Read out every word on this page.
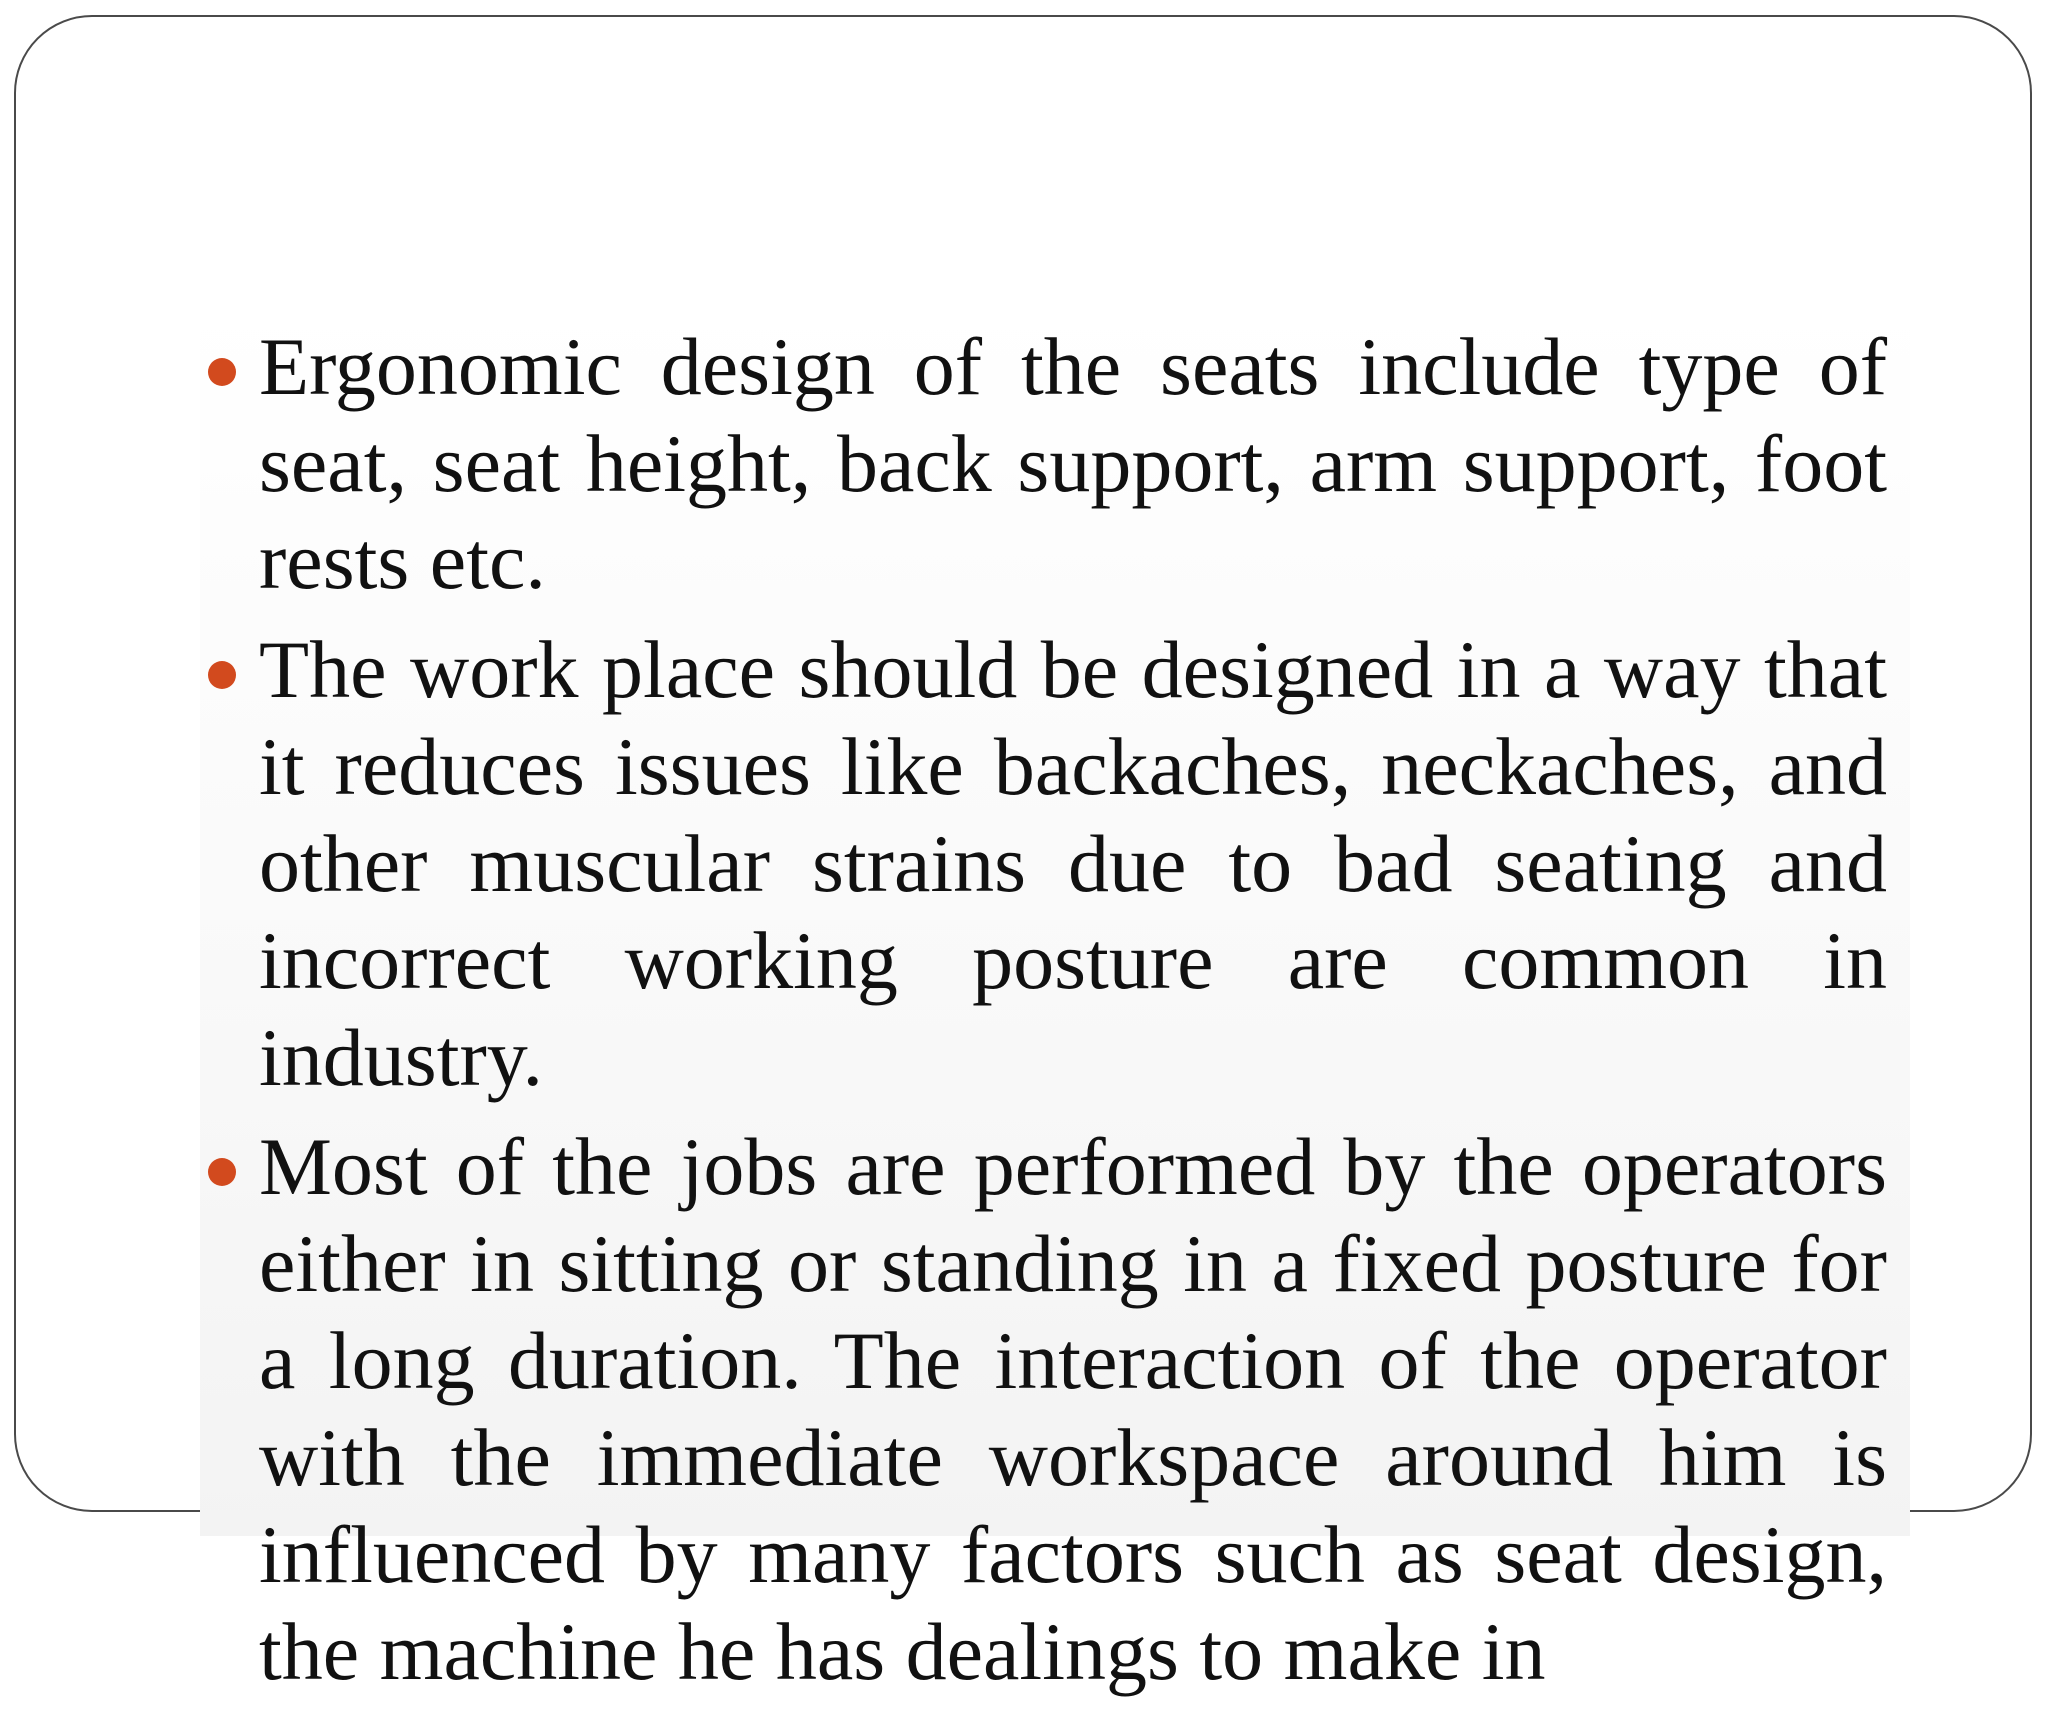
Ergonomic design of the seats include type of seat, seat height, back support, arm support, foot rests etc.
The work place should be designed in a way that it reduces issues like backaches, neckaches, and other muscular strains due to bad seating and incorrect working posture are common in industry.
Most of the jobs are performed by the operators either in sitting or standing in a fixed posture for a long duration. The interaction of the operator with the immediate workspace around him is influenced by many factors such as seat design, the machine he has dealings to make in
